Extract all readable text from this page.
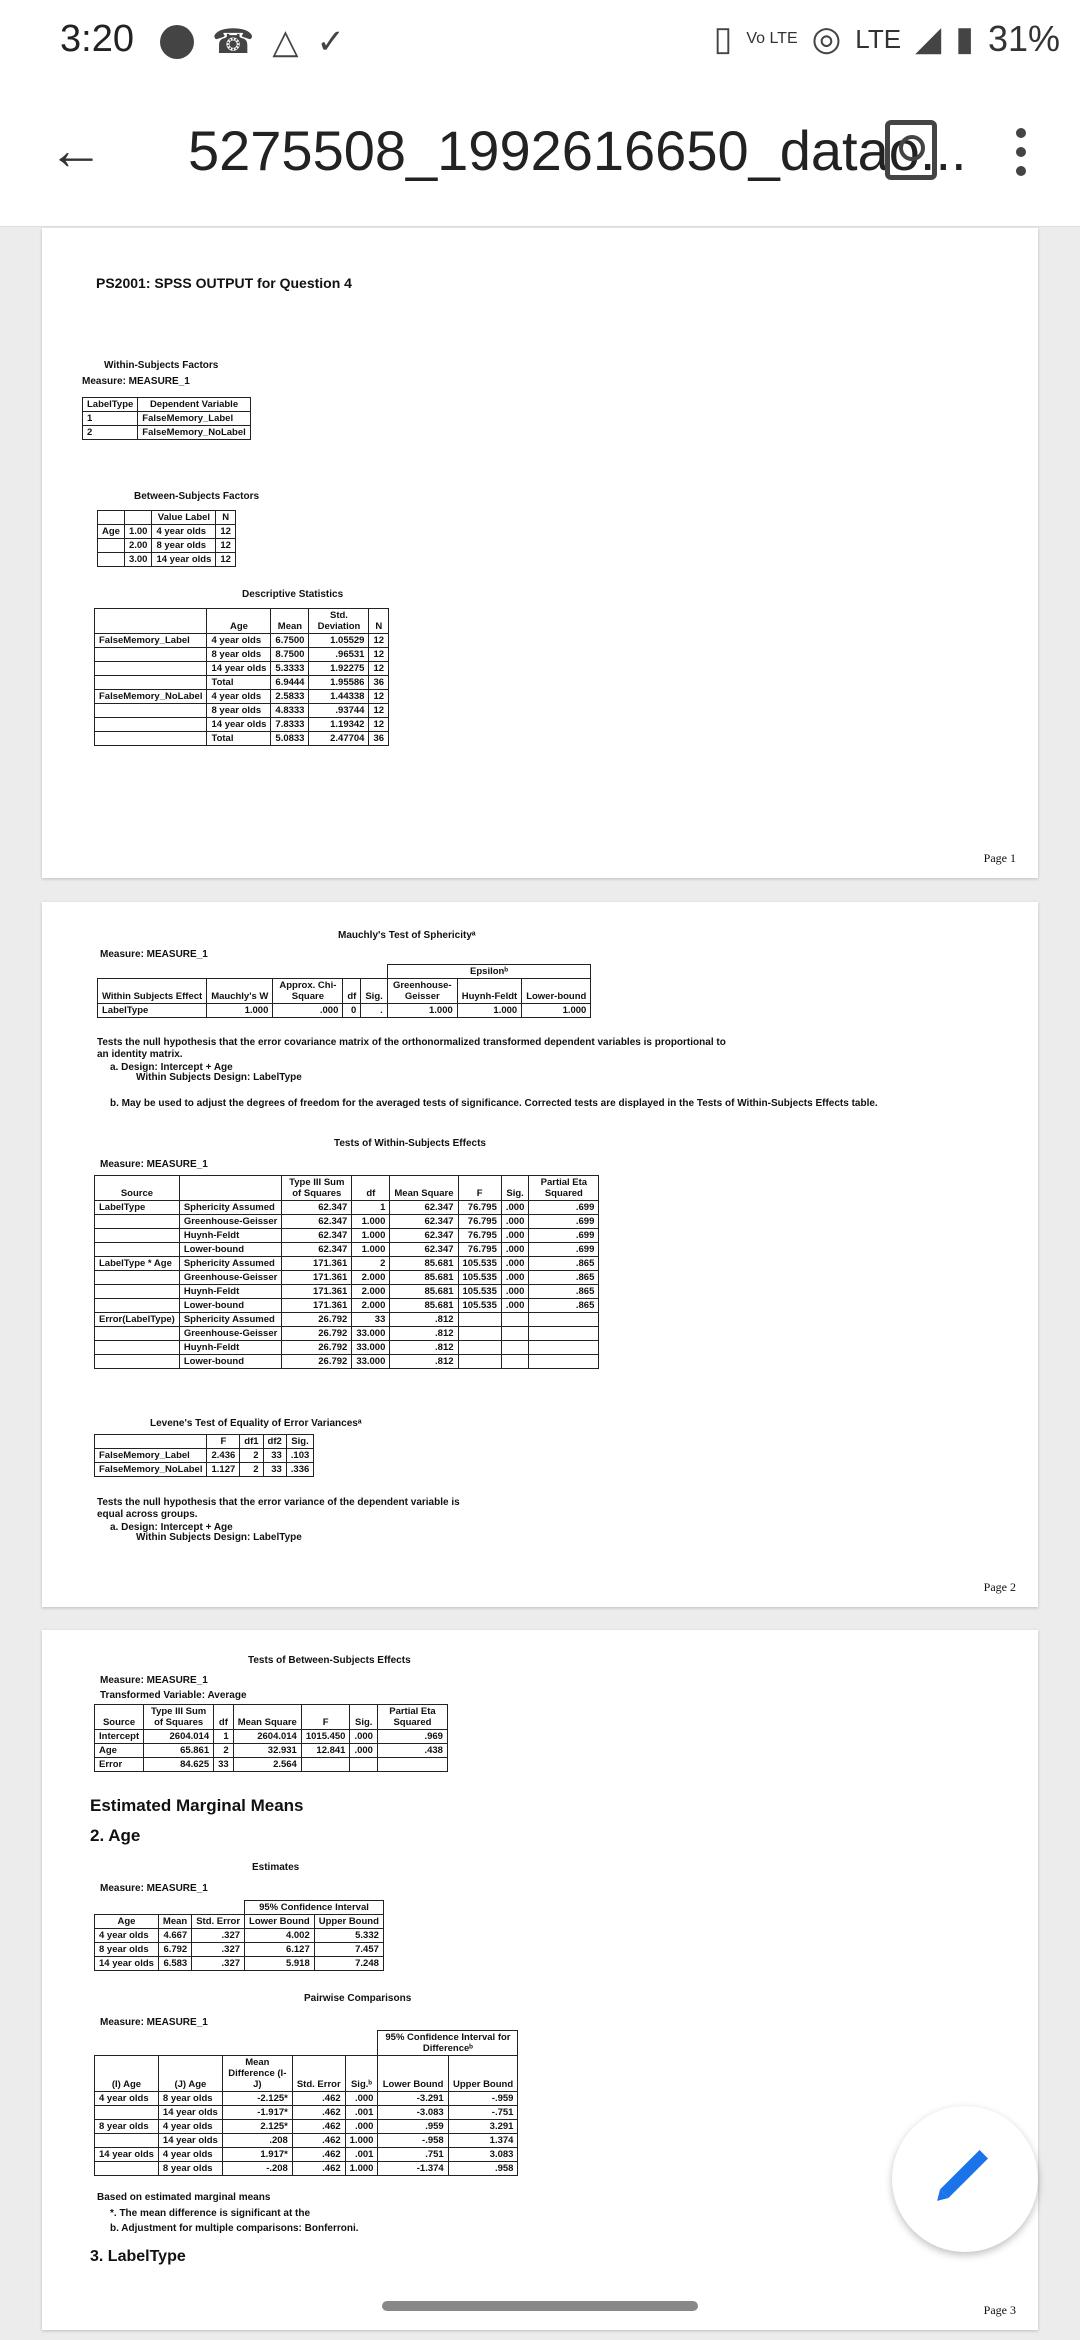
3:20 ☎ △ ✓	▯ Vo LTE ◎ LTE ◢ ▮ 31%
← 5275508_1992616650_datao...
PS2001: SPSS OUTPUT for Question 4
Within-Subjects Factors
Measure: MEASURE_1
LabelType	Dependent Variable
1	FalseMemory_Label
2	FalseMemory_NoLabel
Between-Subjects Factors
		Value Label	N
Age	1.00	4 year olds	12
	2.00	8 year olds	12
	3.00	14 year olds	12
Descriptive Statistics
	Age	Mean	Std. Deviation	N
FalseMemory_Label	4 year olds	6.7500	1.05529	12
	8 year olds	8.7500	.96531	12
	14 year olds	5.3333	1.92275	12
	Total	6.9444	1.95586	36
FalseMemory_NoLabel	4 year olds	2.5833	1.44338	12
	8 year olds	4.8333	.93744	12
	14 year olds	7.8333	1.19342	12
	Total	5.0833	2.47704	36
Page 1
Mauchly's Test of Sphericityᵃ
Measure: MEASURE_1
					Epsilonᵇ		
Within Subjects Effect	Mauchly's W	Approx. Chi-Square	df	Sig.	Greenhouse-Geisser	Huynh-Feldt	Lower-bound
LabelType	1.000	.000	0	.	1.000	1.000	1.000
Tests the null hypothesis that the error covariance matrix of the orthonormalized transformed dependent variables is proportional to an identity matrix.
a. Design: Intercept + Age
Within Subjects Design: LabelType
b. May be used to adjust the degrees of freedom for the averaged tests of significance. Corrected tests are displayed in the Tests of Within-Subjects Effects table.
Tests of Within-Subjects Effects
Measure: MEASURE_1
Source		Type III Sum of Squares	df	Mean Square	F	Sig.	Partial Eta Squared
LabelType	Sphericity Assumed	62.347	1	62.347	76.795	.000	.699
	Greenhouse-Geisser	62.347	1.000	62.347	76.795	.000	.699
	Huynh-Feldt	62.347	1.000	62.347	76.795	.000	.699
	Lower-bound	62.347	1.000	62.347	76.795	.000	.699
LabelType * Age	Sphericity Assumed	171.361	2	85.681	105.535	.000	.865
	Greenhouse-Geisser	171.361	2.000	85.681	105.535	.000	.865
	Huynh-Feldt	171.361	2.000	85.681	105.535	.000	.865
	Lower-bound	171.361	2.000	85.681	105.535	.000	.865
Error(LabelType)	Sphericity Assumed	26.792	33	.812			
	Greenhouse-Geisser	26.792	33.000	.812			
	Huynh-Feldt	26.792	33.000	.812			
	Lower-bound	26.792	33.000	.812			
Levene's Test of Equality of Error Variancesᵃ
	F	df1	df2	Sig.
FalseMemory_Label	2.436	2	33	.103
FalseMemory_NoLabel	1.127	2	33	.336
Tests the null hypothesis that the error variance of the dependent variable is equal across groups.
a. Design: Intercept + Age
Within Subjects Design: LabelType
Page 2
Tests of Between-Subjects Effects
Measure: MEASURE_1
Transformed Variable: Average
Source	Type III Sum of Squares	df	Mean Square	F	Sig.	Partial Eta Squared
Intercept	2604.014	1	2604.014	1015.450	.000	.969
Age	65.861	2	32.931	12.841	.000	.438
Error	84.625	33	2.564			
Estimated Marginal Means
2. Age
Estimates
Measure: MEASURE_1
			95% Confidence Interval	
Age	Mean	Std. Error	Lower Bound	Upper Bound
4 year olds	4.667	.327	4.002	5.332
8 year olds	6.792	.327	6.127	7.457
14 year olds	6.583	.327	5.918	7.248
Pairwise Comparisons
Measure: MEASURE_1
					95% Confidence Interval for Differenceᵇ	
(I) Age	(J) Age	Mean Difference (I-J)	Std. Error	Sig.ᵇ	Lower Bound	Upper Bound
4 year olds	8 year olds	-2.125*	.462	.000	-3.291	-.959
	14 year olds	-1.917*	.462	.001	-3.083	-.751
8 year olds	4 year olds	2.125*	.462	.000	.959	3.291
	14 year olds	.208	.462	1.000	-.958	1.374
14 year olds	4 year olds	1.917*	.462	.001	.751	3.083
	8 year olds	-.208	.462	1.000	-1.374	.958
Based on estimated marginal means
*. The mean difference is significant at the
b. Adjustment for multiple comparisons: Bonferroni.
3. LabelType
Page 3
